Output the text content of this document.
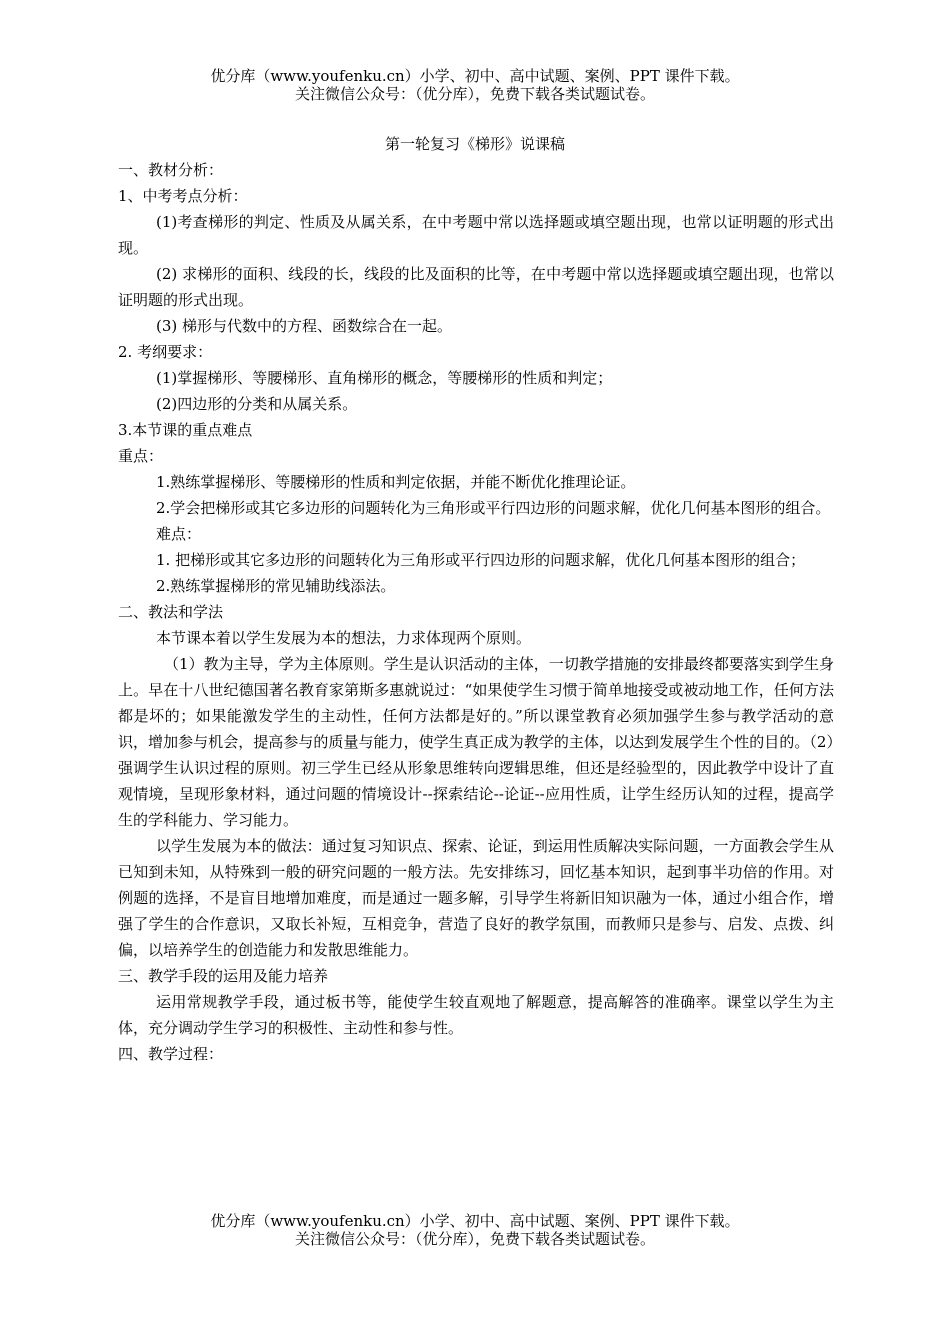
优分库（www.youfenku.cn）小学、初中、高中试题、案例、PPT 课件下载。
关注微信公众号：（优分库），免费下载各类试题试卷。
第一轮复习《梯形》说课稿

一、教材分析：

1、中考考点分析：

(1)考查梯形的判定、性质及从属关系，在中考题中常以选择题或填空题出现，也常以证明题的形式出现。

(2) 求梯形的面积、线段的长，线段的比及面积的比等，在中考题中常以选择题或填空题出现，也常以证明题的形式出现。

(3) 梯形与代数中的方程、函数综合在一起。

2. 考纲要求：

(1)掌握梯形、等腰梯形、直角梯形的概念，等腰梯形的性质和判定；

(2)四边形的分类和从属关系。

3.本节课的重点难点

重点：

1.熟练掌握梯形、等腰梯形的性质和判定依据，并能不断优化推理论证。

2.学会把梯形或其它多边形的问题转化为三角形或平行四边形的问题求解，优化几何基本图形的组合。

难点：

1. 把梯形或其它多边形的问题转化为三角形或平行四边形的问题求解，优化几何基本图形的组合；

2.熟练掌握梯形的常见辅助线添法。

二、教法和学法

本节课本着以学生发展为本的想法，力求体现两个原则。

（1）教为主导，学为主体原则。学生是认识活动的主体，一切教学措施的安排最终都要落实到学生身上。早在十八世纪德国著名教育家第斯多惠就说过：“如果使学生习惯于简单地接受或被动地工作，任何方法都是坏的；如果能激发学生的主动性，任何方法都是好的。”所以课堂教育必须加强学生参与教学活动的意识，增加参与机会，提高参与的质量与能力，使学生真正成为教学的主体，以达到发展学生个性的目的。（2）强调学生认识过程的原则。初三学生已经从形象思维转向逻辑思维，但还是经验型的，因此教学中设计了直观情境，呈现形象材料，通过问题的情境设计--探索结论--论证--应用性质，让学生经历认知的过程，提高学生的学科能力、学习能力。

以学生发展为本的做法：通过复习知识点、探索、论证，到运用性质解决实际问题，一方面教会学生从已知到未知，从特殊到一般的研究问题的一般方法。先安排练习，回忆基本知识，起到事半功倍的作用。对例题的选择，不是盲目地增加难度，而是通过一题多解，引导学生将新旧知识融为一体，通过小组合作，增强了学生的合作意识，又取长补短，互相竞争，营造了良好的教学氛围，而教师只是参与、启发、点拨、纠偏，以培养学生的创造能力和发散思维能力。

三、教学手段的运用及能力培养

运用常规教学手段，通过板书等，能使学生较直观地了解题意，提高解答的准确率。课堂以学生为主体，充分调动学生学习的积极性、主动性和参与性。

四、教学过程：

优分库（www.youfenku.cn）小学、初中、高中试题、案例、PPT 课件下载。
关注微信公众号：（优分库），免费下载各类试题试卷。
